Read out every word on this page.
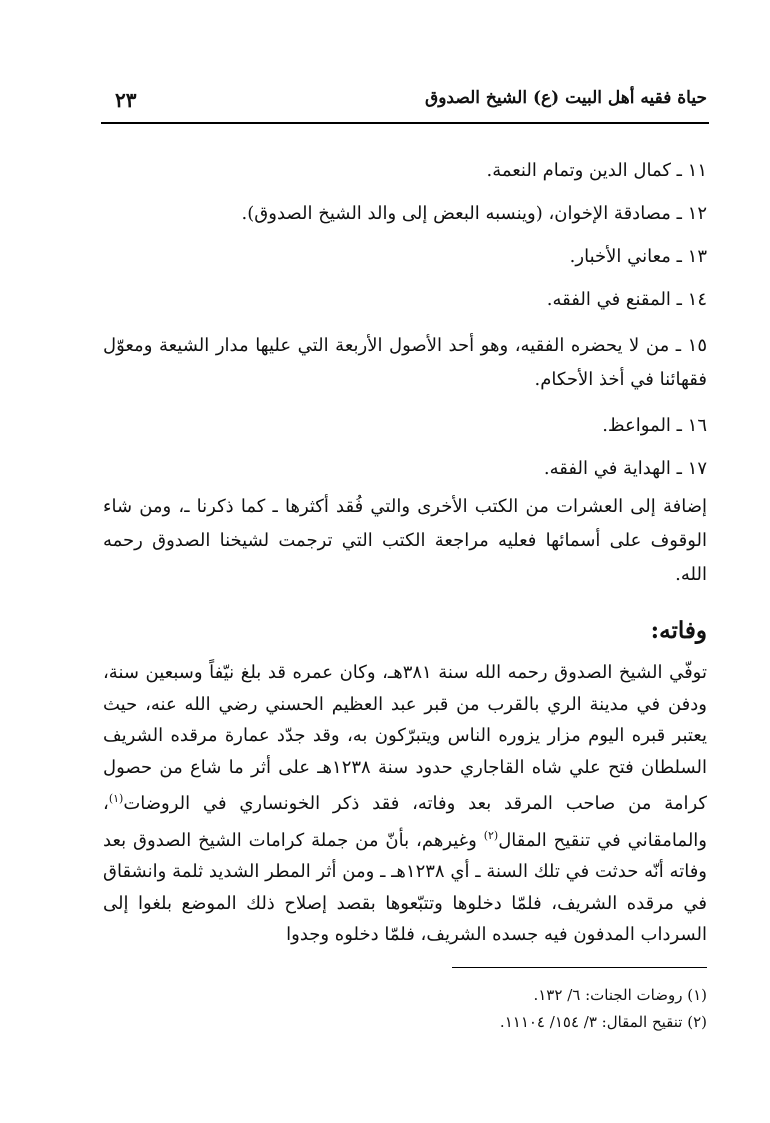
حياة فقيه أهل البيت (ع) الشيخ الصدوق
٢٣
١١ ـ كمال الدين وتمام النعمة.
١٢ ـ مصادقة الإخوان، (وينسبه البعض إلى والد الشيخ الصدوق).
١٣ ـ معاني الأخبار.
١٤ ـ المقنع في الفقه.
١٥ ـ من لا يحضره الفقيه، وهو أحد الأصول الأربعة التي عليها مدار الشيعة ومعوّل فقهائنا في أخذ الأحكام.
١٦ ـ المواعظ.
١٧ ـ الهداية في الفقه.
إضافة إلى العشرات من الكتب الأخرى والتي فُقد أكثرها ـ كما ذكرنا ـ، ومن شاء الوقوف على أسمائها فعليه مراجعة الكتب التي ترجمت لشيخنا الصدوق رحمه الله.
وفاته:
توفّي الشيخ الصدوق رحمه الله سنة ٣٨١هـ، وكان عمره قد بلغ نيّفاً وسبعين سنة، ودفن في مدينة الري بالقرب من قبر عبد العظيم الحسني رضي الله عنه، حيث يعتبر قبره اليوم مزار يزوره الناس ويتبرّكون به، وقد جدّد عمارة مرقده الشريف السلطان فتح علي شاه القاجاري حدود سنة ١٢٣٨هـ على أثر ما شاع من حصول كرامة من صاحب المرقد بعد وفاته، فقد ذكر الخونساري في الروضات$^{(١)}$، والمامقاني في تنقيح المقال$^{(٢)}$ وغيرهم، بأنّ من جملة كرامات الشيخ الصدوق بعد وفاته أنّه حدثت في تلك السنة ـ أي ١٢٣٨هـ ـ ومن أثر المطر الشديد ثلمة وانشقاق في مرقده الشريف، فلمّا دخلوها وتتبّعوها بقصد إصلاح ذلك الموضع بلغوا إلى السرداب المدفون فيه جسده الشريف، فلمّا دخلوه وجدوا
(١) روضات الجنات: ٦/ ١٣٢.
(٢) تنقيح المقال: ٣/ ١٥٤/ ١١١٠٤.
